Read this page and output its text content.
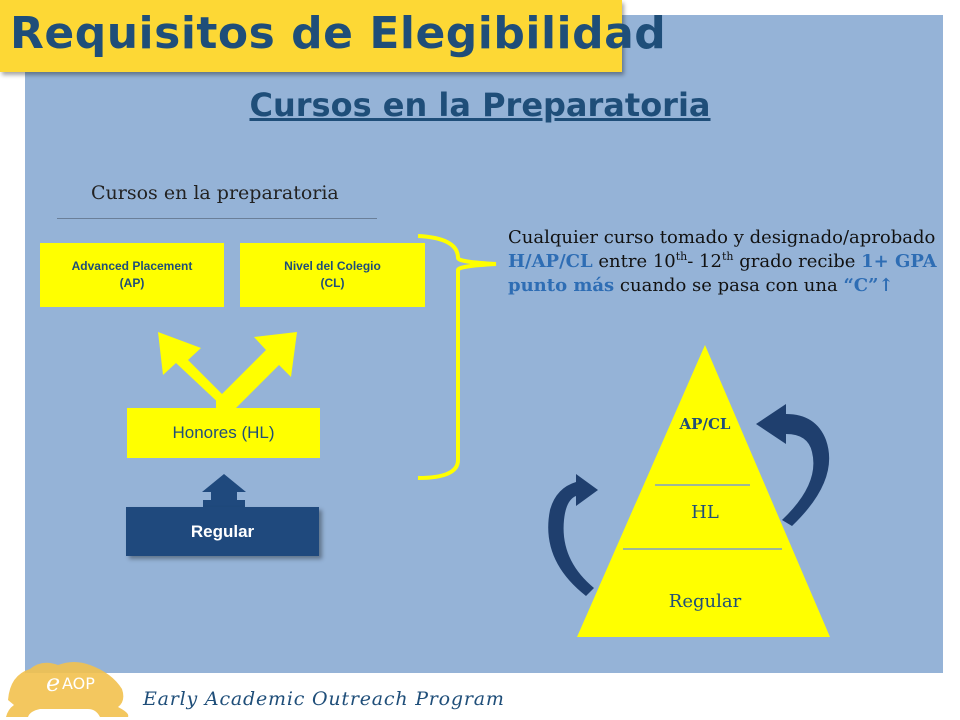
Requisitos de Elegibilidad
Cursos en la Preparatoria
Cursos en la preparatoria
e AOP
Advanced Placement
(AP)
Nivel del Colegio
(CL)
Honores (HL)
Regular
Cualquier curso tomado y designado/aprobado H/AP/CL entre 10th- 12th grado recibe 1+ GPA punto más cuando se pasa con una “C”↑
AP/CL
HL
Regular
Early Academic Outreach Program
